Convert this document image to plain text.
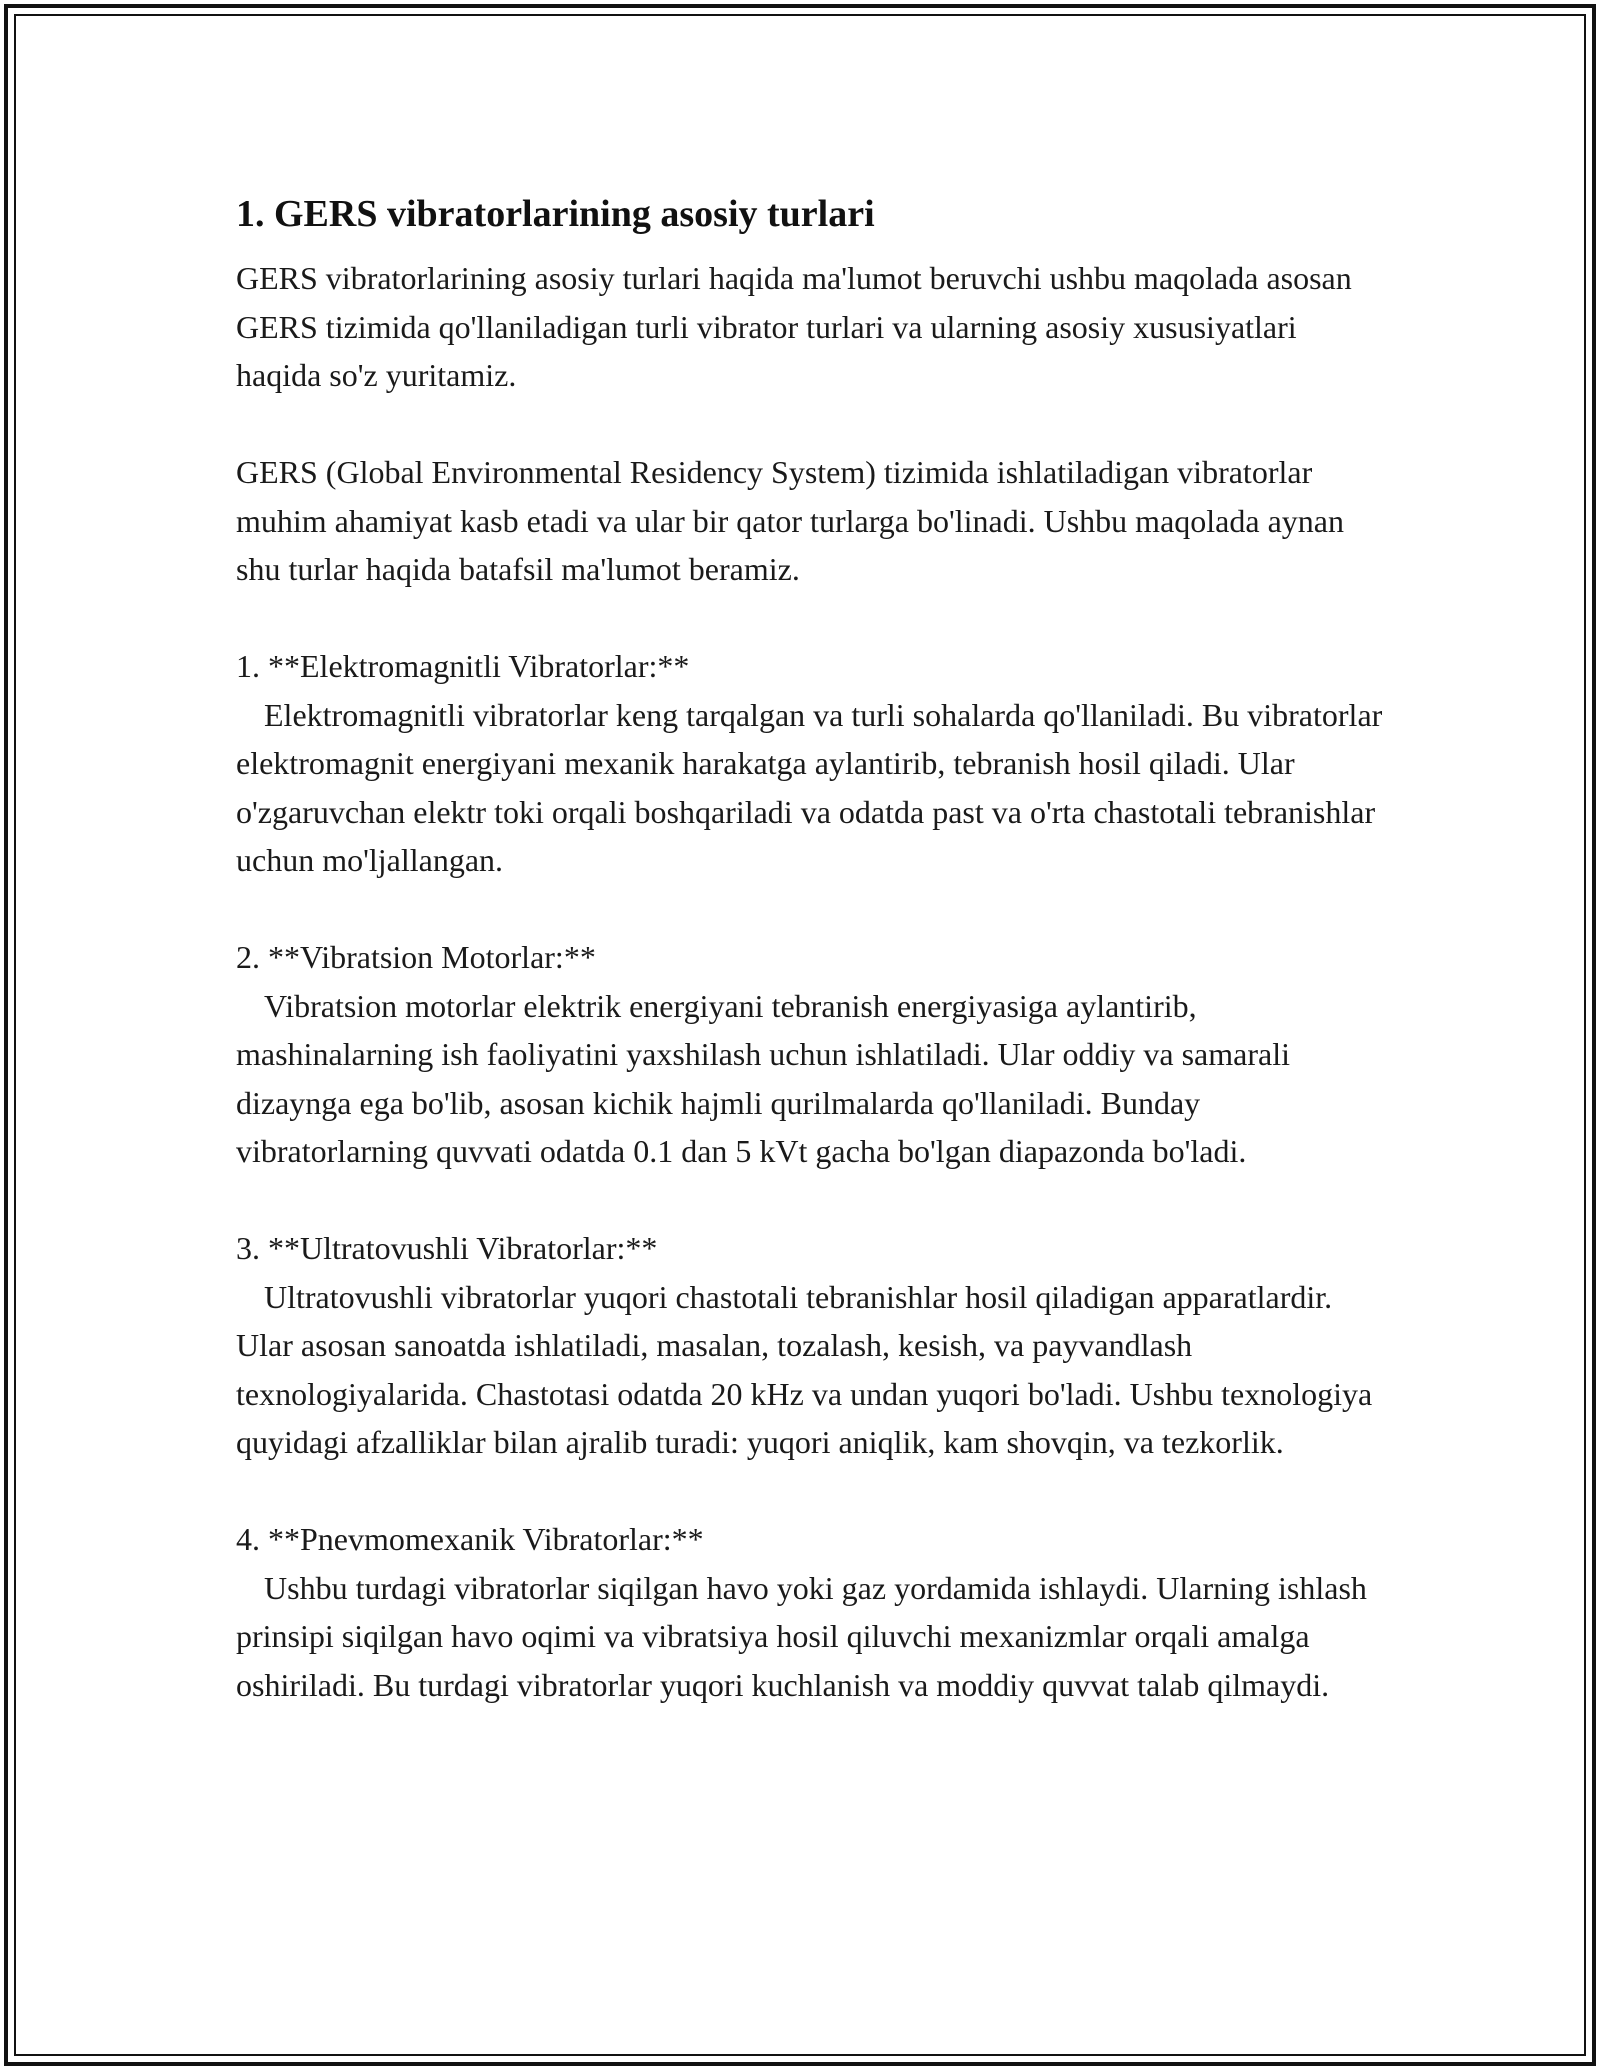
1. GERS vibratorlarining asosiy turlari

GERS vibratorlarining asosiy turlari haqida ma'lumot beruvchi ushbu maqolada asosan GERS tizimida qo'llaniladigan turli vibrator turlari va ularning asosiy xususiyatlari haqida so'z yuritamiz.

GERS (Global Environmental Residency System) tizimida ishlatiladigan vibratorlar muhim ahamiyat kasb etadi va ular bir qator turlarga bo'linadi. Ushbu maqolada aynan shu turlar haqida batafsil ma'lumot beramiz.

1. **Elektromagnitli Vibratorlar:**
Elektromagnitli vibratorlar keng tarqalgan va turli sohalarda qo'llaniladi. Bu vibratorlar elektromagnit energiyani mexanik harakatga aylantirib, tebranish hosil qiladi. Ular o'zgaruvchan elektr toki orqali boshqariladi va odatda past va o'rta chastotali tebranishlar uchun mo'ljallangan.
2. **Vibratsion Motorlar:**
Vibratsion motorlar elektrik energiyani tebranish energiyasiga aylantirib, mashinalarning ish faoliyatini yaxshilash uchun ishlatiladi. Ular oddiy va samarali dizaynga ega bo'lib, asosan kichik hajmli qurilmalarda qo'llaniladi. Bunday vibratorlarning quvvati odatda 0.1 dan 5 kVt gacha bo'lgan diapazonda bo'ladi.
3. **Ultratovushli Vibratorlar:**
Ultratovushli vibratorlar yuqori chastotali tebranishlar hosil qiladigan apparatlardir. Ular asosan sanoatda ishlatiladi, masalan, tozalash, kesish, va payvandlash texnologiyalarida. Chastotasi odatda 20 kHz va undan yuqori bo'ladi. Ushbu texnologiya quyidagi afzalliklar bilan ajralib turadi: yuqori aniqlik, kam shovqin, va tezkorlik.
4. **Pnevmomexanik Vibratorlar:**
Ushbu turdagi vibratorlar siqilgan havo yoki gaz yordamida ishlaydi. Ularning ishlash prinsipi siqilgan havo oqimi va vibratsiya hosil qiluvchi mexanizmlar orqali amalga oshiriladi. Bu turdagi vibratorlar yuqori kuchlanish va moddiy quvvat talab qilmaydi.
